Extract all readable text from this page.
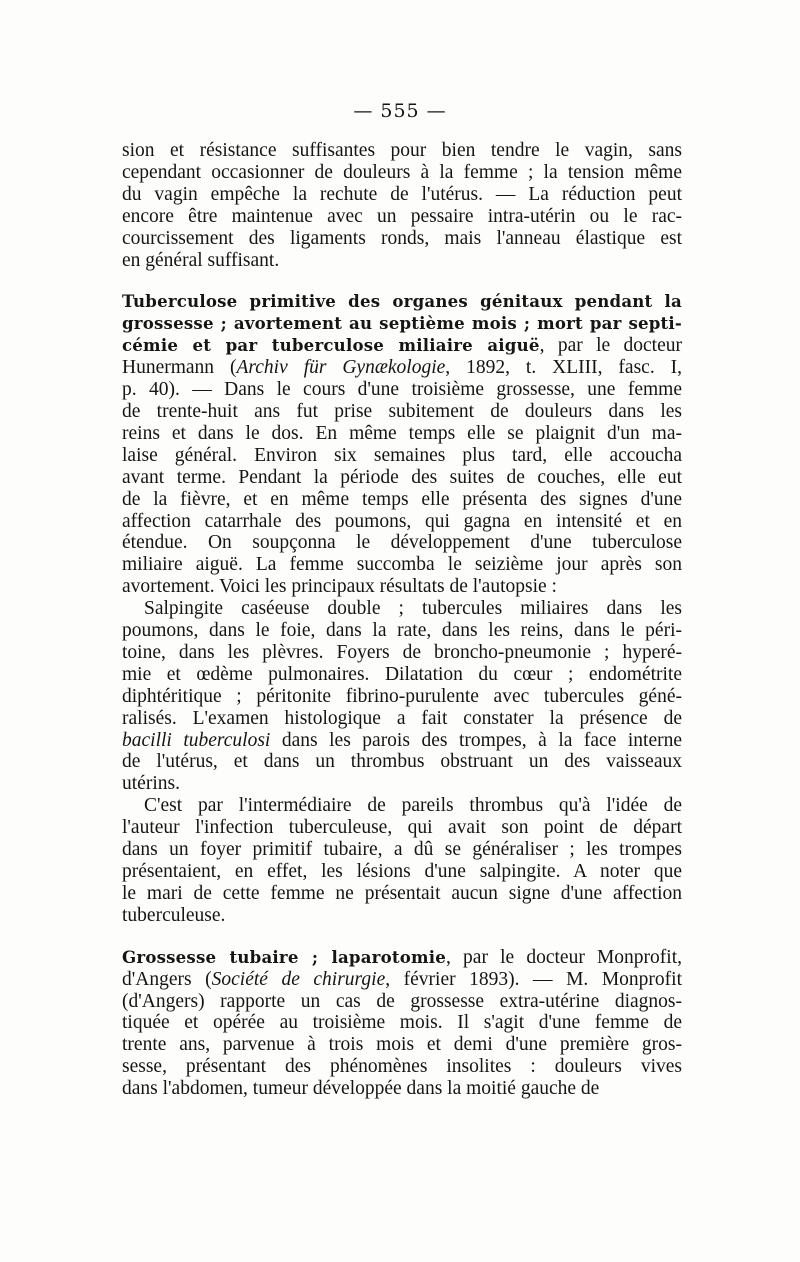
— 555 —
sion et résistance suffisantes pour bien tendre le vagin, sans
cependant occasionner de douleurs à la femme ; la tension même
du vagin empêche la rechute de l'utérus. — La réduction peut
encore être maintenue avec un pessaire intra-utérin ou le rac-
courcissement des ligaments ronds, mais l'anneau élastique est
en général suffisant.
Tuberculose primitive des organes génitaux pendant la
grossesse ; avortement au septième mois ; mort par septi-
cémie et par tuberculose miliaire aiguë, par le docteur
Hunermann (Archiv für Gynækologie, 1892, t. XLIII, fasc. I,
p. 40). — Dans le cours d'une troisième grossesse, une femme
de trente-huit ans fut prise subitement de douleurs dans les
reins et dans le dos. En même temps elle se plaignit d'un ma-
laise général. Environ six semaines plus tard, elle accoucha
avant terme. Pendant la période des suites de couches, elle eut
de la fièvre, et en même temps elle présenta des signes d'une
affection catarrhale des poumons, qui gagna en intensité et en
étendue. On soupçonna le développement d'une tuberculose
miliaire aiguë. La femme succomba le seizième jour après son
avortement. Voici les principaux résultats de l'autopsie :
Salpingite caséeuse double ; tubercules miliaires dans les
poumons, dans le foie, dans la rate, dans les reins, dans le péri-
toine, dans les plèvres. Foyers de broncho-pneumonie ; hyperé-
mie et œdème pulmonaires. Dilatation du cœur ; endométrite
diphtéritique ; péritonite fibrino-purulente avec tubercules géné-
ralisés. L'examen histologique a fait constater la présence de
bacilli tuberculosi dans les parois des trompes, à la face interne
de l'utérus, et dans un thrombus obstruant un des vaisseaux
utérins.
C'est par l'intermédiaire de pareils thrombus qu'à l'idée de
l'auteur l'infection tuberculeuse, qui avait son point de départ
dans un foyer primitif tubaire, a dû se généraliser ; les trompes
présentaient, en effet, les lésions d'une salpingite. A noter que
le mari de cette femme ne présentait aucun signe d'une affection
tuberculeuse.
Grossesse tubaire ; laparotomie, par le docteur Monprofit,
d'Angers (Société de chirurgie, février 1893). — M. Monprofit
(d'Angers) rapporte un cas de grossesse extra-utérine diagnos-
tiquée et opérée au troisième mois. Il s'agit d'une femme de
trente ans, parvenue à trois mois et demi d'une première gros-
sesse, présentant des phénomènes insolites : douleurs vives
dans l'abdomen, tumeur développée dans la moitié gauche de
